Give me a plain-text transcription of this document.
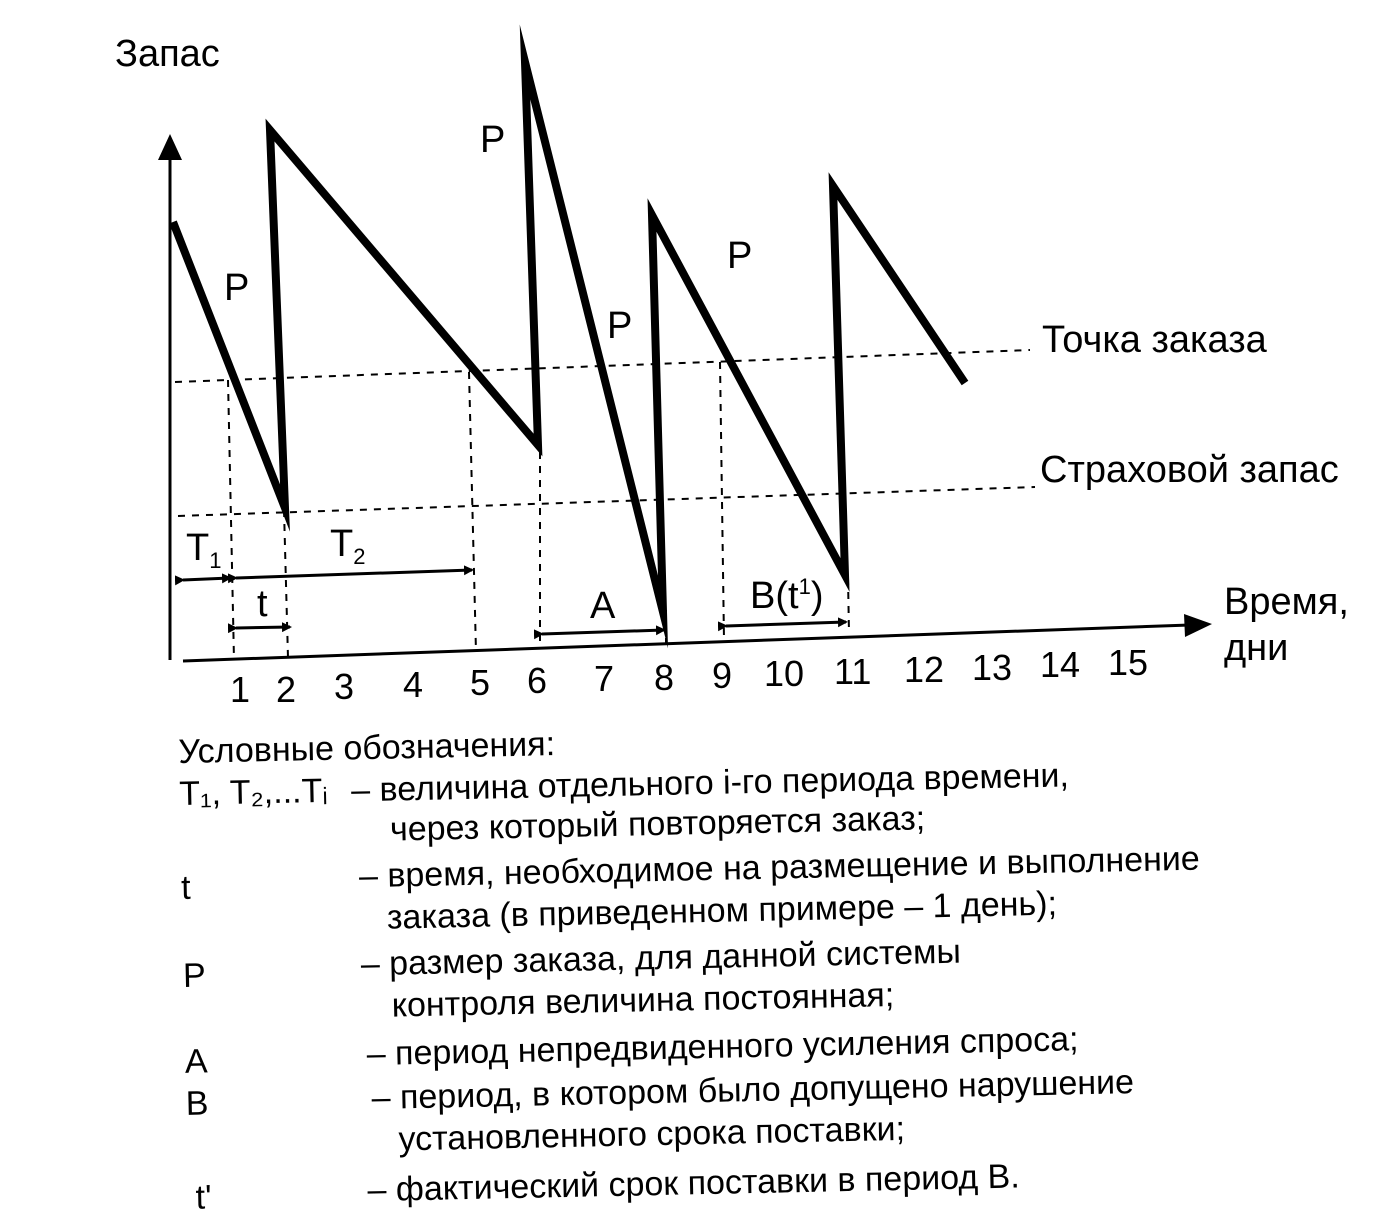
Запас
Время,
дни
Точка заказа
Страховой запас
P
P
P
P
$T_1$	$T_2$
t	A	$B(t^1)$
1 2 3 4 5 6 7 8 9 10 11 12 13 14 15
Условные обозначения:
T₁, T₂,...Tᵢ – величина отдельного i-го периода времени,
через который повторяется заказ;
t	– время, необходимое на размещение и выполнение
заказа (в приведенном примере – 1 день);
P	– размер заказа, для данной системы
контроля величина постоянная;
A	– период непредвиденного усиления спроса;
B	– период, в котором было допущено нарушение
установленного срока поставки;
t'	– фактический срок поставки в период B.
